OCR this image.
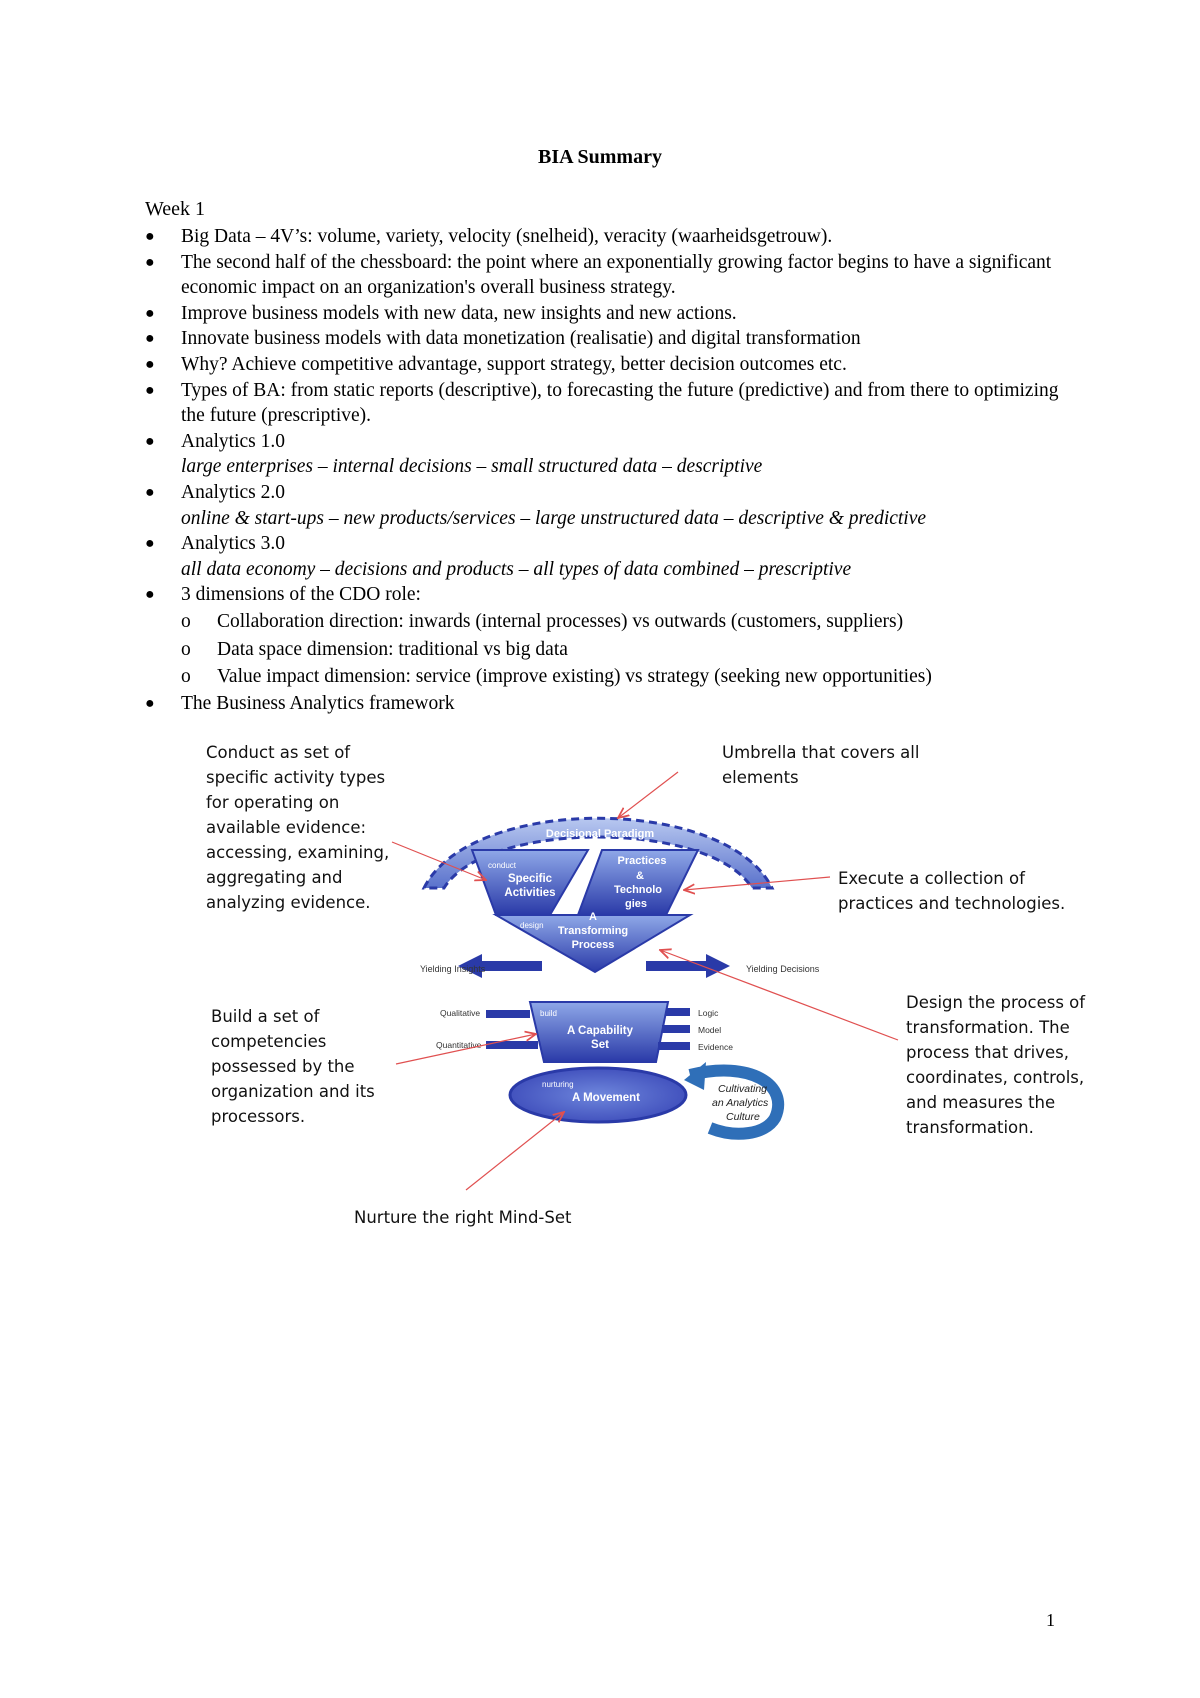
BIA Summary
Week 1
● Big Data – 4V’s: volume, variety, velocity (snelheid), veracity (waarheidsgetrouw).
● The second half of the chessboard: the point where an exponentially growing factor begins to have a significant economic impact on an organization's overall business strategy.
● Improve business models with new data, new insights and new actions.
● Innovate business models with data monetization (realisatie) and digital transformation
● Why? Achieve competitive advantage, support strategy, better decision outcomes etc.
● Types of BA: from static reports (descriptive), to forecasting the future (predictive) and from there to optimizing the future (prescriptive).
● Analytics 1.0
large enterprises – internal decisions – small structured data – descriptive
● Analytics 2.0
online & start-ups – new products/services – large unstructured data – descriptive & predictive
● Analytics 3.0
all data economy – decisions and products – all types of data combined – prescriptive
● 3 dimensions of the CDO role:
o Collaboration direction: inwards (internal processes) vs outwards (customers, suppliers)
o Data space dimension: traditional vs big data
o Value impact dimension: service (improve existing) vs strategy (seeking new opportunities)
● The Business Analytics framework
Conduct as set of specific activity types for operating on available evidence: accessing, examining, aggregating and analyzing evidence.
Umbrella that covers all elements
Execute a collection of practices and technologies.
Build a set of competencies possessed by the organization and its processors.
Design the process of transformation. The process that drives, coordinates, controls, and measures the transformation.
Nurture the right Mind-Set
Decisional Paradigm
conduct
Specific
Activities
Practices
&
Technolo
gies
design
A
Transforming
Process
Yielding Insights	Yielding Decisions
build
A Capability
Set
Qualitative
Quantitative
Logic
Model
Evidence
nurturing
A Movement
Cultivating
an Analytics
Culture
1
